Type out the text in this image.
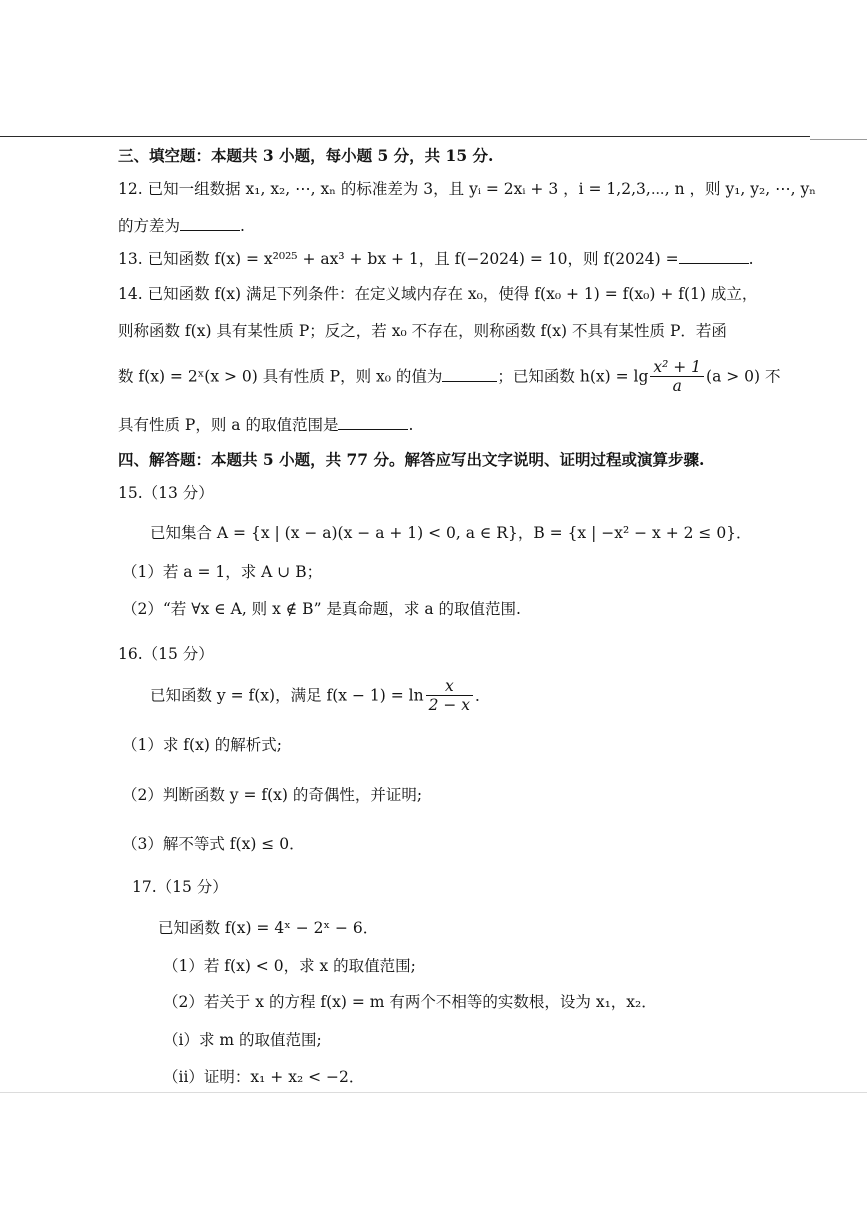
三、填空题：本题共 3 小题，每小题 5 分，共 15 分.
12. 已知一组数据 x₁, x₂, ⋯, xₙ 的标准差为 3，且 yᵢ = 2xᵢ + 3 ，i = 1,2,3,⋯, n ，则 y₁, y₂, ⋯, yₙ
的方差为	.
13. 已知函数 f(x) = x²⁰²⁵ + ax³ + bx + 1，且 f(−2024) = 10，则 f(2024) =	.
14. 已知函数 f(x) 满足下列条件：在定义域内存在 x₀，使得 f(x₀ + 1) = f(x₀) + f(1) 成立，
则称函数 f(x) 具有某性质 P；反之，若 x₀ 不存在，则称函数 f(x) 不具有某性质 P．若函
数 f(x) = 2ˣ(x > 0) 具有性质 P，则 x₀ 的值为	；已知函数 $h(x) = \lg \frac{\text{x² + 1}}{a} (a > 0)$ 不
具有性质 P，则 a 的取值范围是	.
四、解答题：本题共 5 小题，共 77 分。解答应写出文字说明、证明过程或演算步骤.
15.（13 分）
已知集合 A = {x | (x − a)(x − a + 1) < 0, a ∈ R}，B = {x | −x² − x + 2 ≤ 0}．
（1）若 a = 1，求 A ∪ B；
（2）“若 ∀x ∈ A, 则 x ∉ B” 是真命题，求 a 的取值范围.
16.（15 分）
已知函数 y = f(x)，满足 $f(x - 1) = \ln \frac{x}{2 - x}$ ．
（1）求 f(x) 的解析式;
（2）判断函数 y = f(x) 的奇偶性，并证明;
（3）解不等式 f(x) ≤ 0．
17.（15 分）
已知函数 f(x) = 4ˣ − 2ˣ − 6．
（1）若 f(x) < 0，求 x 的取值范围;
（2）若关于 x 的方程 f(x) = m 有两个不相等的实数根，设为 x₁，x₂．
（i）求 m 的取值范围;
（ii）证明：x₁ + x₂ < −2．
